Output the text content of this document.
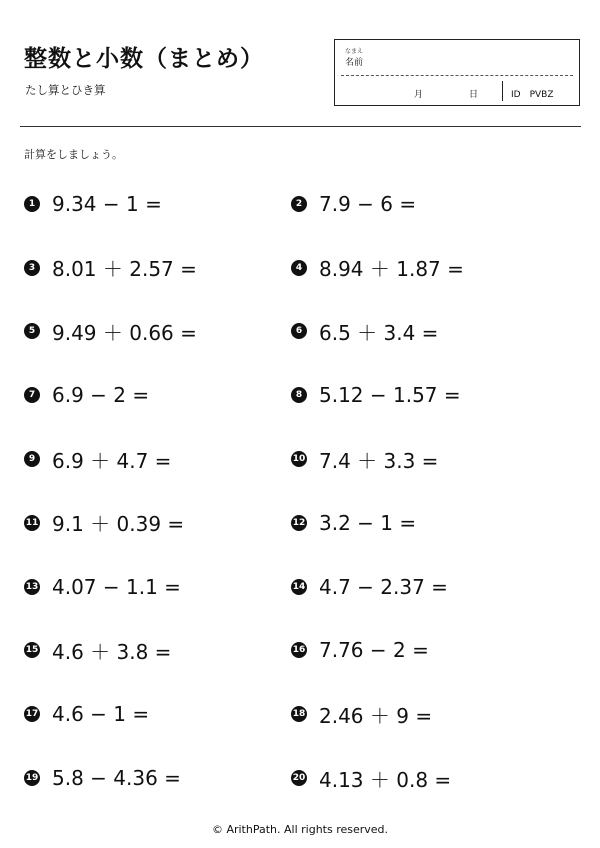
整数と小数（まとめ）
たし算とひき算
なまえ
名前
月	日	ID　PVBZ
計算をしましょう。
1 9.34 − 1 =	2 7.9 − 6 =
3 8.01 ＋ 2.57 =	4 8.94 ＋ 1.87 =
5 9.49 ＋ 0.66 =	6 6.5 ＋ 3.4 =
7 6.9 − 2 =	8 5.12 − 1.57 =
9 6.9 ＋ 4.7 =	10 7.4 ＋ 3.3 =
11 9.1 ＋ 0.39 =	12 3.2 − 1 =
13 4.07 − 1.1 =	14 4.7 − 2.37 =
15 4.6 ＋ 3.8 =	16 7.76 − 2 =
17 4.6 − 1 =	18 2.46 ＋ 9 =
19 5.8 − 4.36 =	20 4.13 ＋ 0.8 =
© ArithPath. All rights reserved.
